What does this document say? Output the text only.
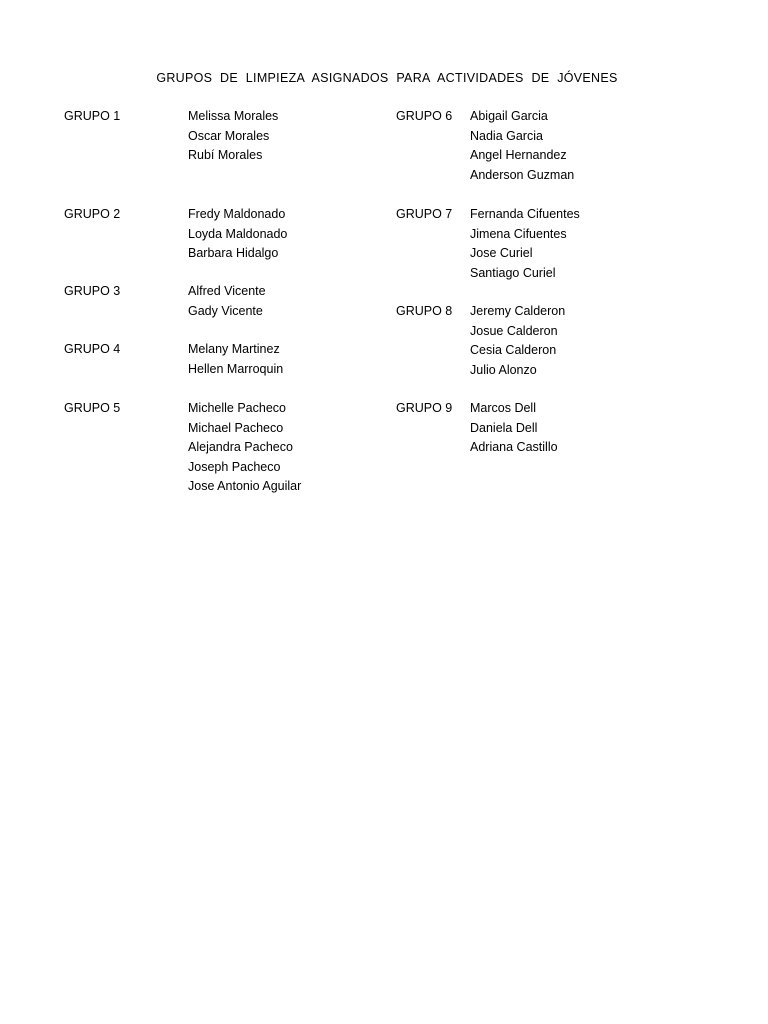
GRUPOS DE LIMPIEZA ASIGNADOS PARA ACTIVIDADES DE JÓVENES
GRUPO 1	Melissa Morales
Oscar Morales
Rubí Morales
GRUPO 2	Fredy Maldonado
Loyda Maldonado
Barbara Hidalgo
GRUPO 3	Alfred Vicente
Gady Vicente
GRUPO 4	Melany Martinez
Hellen Marroquin
GRUPO 5	Michelle Pacheco
Michael Pacheco
Alejandra Pacheco
Joseph Pacheco
Jose Antonio Aguilar
GRUPO 6 Abigail Garcia
Nadia Garcia
Angel Hernandez
Anderson Guzman
GRUPO 7 Fernanda Cifuentes
Jimena Cifuentes
Jose Curiel
Santiago Curiel
GRUPO 8 Jeremy Calderon
Josue Calderon
Cesia Calderon
Julio Alonzo
GRUPO 9 Marcos Dell
Daniela Dell
Adriana Castillo
